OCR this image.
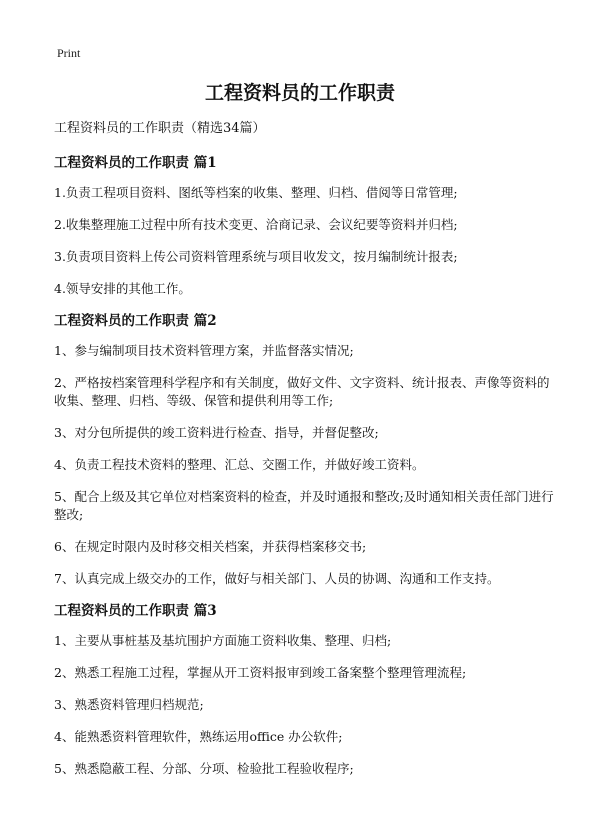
Print
工程资料员的工作职责

工程资料员的工作职责（精选34篇）

工程资料员的工作职责 篇1

1.负责工程项目资料、图纸等档案的收集、整理、归档、借阅等日常管理;

2.收集整理施工过程中所有技术变更、洽商记录、会议纪要等资料并归档;

3.负责项目资料上传公司资料管理系统与项目收发文，按月编制统计报表;

4.领导安排的其他工作。

工程资料员的工作职责 篇2

1、参与编制项目技术资料管理方案，并监督落实情况;

2、严格按档案管理科学程序和有关制度，做好文件、文字资料、统计报表、声像等资料的收集、整理、归档、等级、保管和提供利用等工作;

3、对分包所提供的竣工资料进行检查、指导，并督促整改;

4、负责工程技术资料的整理、汇总、交圈工作，并做好竣工资料。

5、配合上级及其它单位对档案资料的检查，并及时通报和整改;及时通知相关责任部门进行整改;

6、在规定时限内及时移交相关档案，并获得档案移交书;

7、认真完成上级交办的工作，做好与相关部门、人员的协调、沟通和工作支持。

工程资料员的工作职责 篇3

1、主要从事桩基及基坑围护方面施工资料收集、整理、归档;

2、熟悉工程施工过程，掌握从开工资料报审到竣工备案整个整理管理流程;

3、熟悉资料管理归档规范;

4、能熟悉资料管理软件，熟练运用office 办公软件;

5、熟悉隐蔽工程、分部、分项、检验批工程验收程序;
